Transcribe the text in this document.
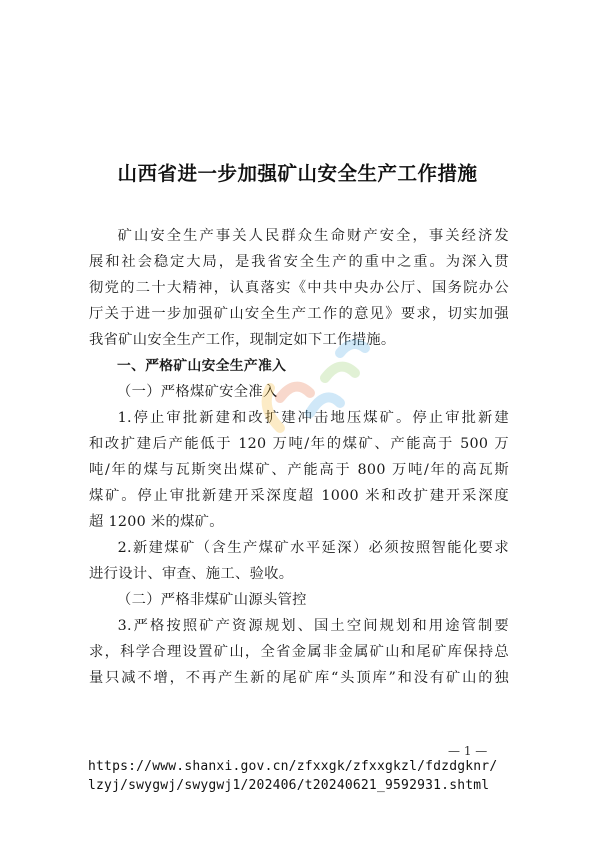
山西省进一步加强矿山安全生产工作措施
矿山安全生产事关人民群众生命财产安全，事关经济发
展和社会稳定大局，是我省安全生产的重中之重。为深入贯
彻党的二十大精神，认真落实《中共中央办公厅、国务院办公
厅关于进一步加强矿山安全生产工作的意见》要求，切实加强
我省矿山安全生产工作，现制定如下工作措施。
一、严格矿山安全生产准入
（一）严格煤矿安全准入
1.停止审批新建和改扩建冲击地压煤矿。停止审批新建
和改扩建后产能低于 120 万吨/年的煤矿、产能高于 500 万
吨/年的煤与瓦斯突出煤矿、产能高于 800 万吨/年的高瓦斯
煤矿。停止审批新建开采深度超 1000 米和改扩建开采深度
超 1200 米的煤矿。
2.新建煤矿（含生产煤矿水平延深）必须按照智能化要求
进行设计、审查、施工、验收。
（二）严格非煤矿山源头管控
3.严格按照矿产资源规划、国土空间规划和用途管制要
求，科学合理设置矿山，全省金属非金属矿山和尾矿库保持总
量只减不增，不再产生新的尾矿库“头顶库”和没有矿山的独
— 1 —
https://www.shanxi.gov.cn/zfxxgk/zfxxgkzl/fdzdgknr/
lzyj/swygwj/swygwj1/202406/t20240621_9592931.shtml
